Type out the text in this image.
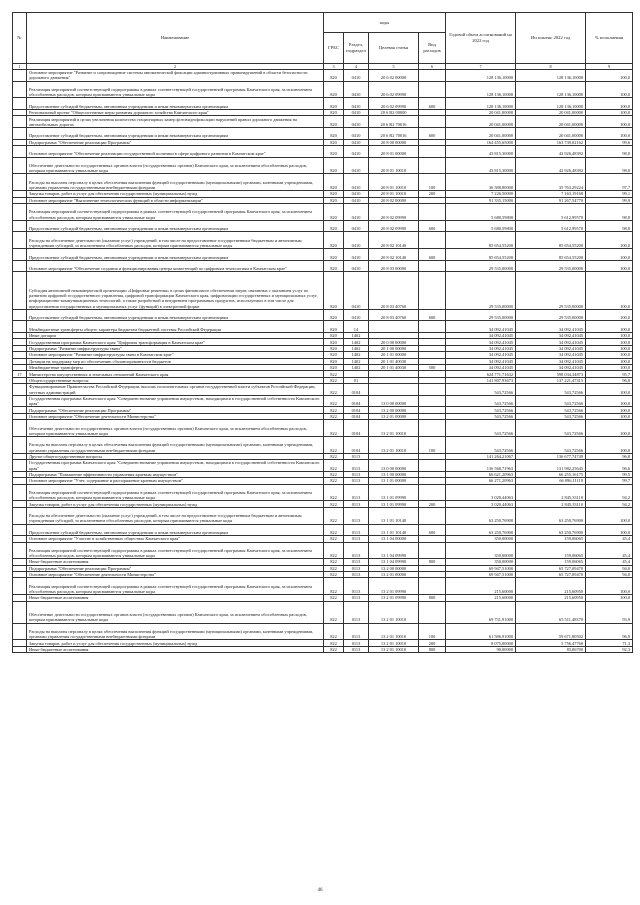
№	Наименование	коды				Годовой объем ассигнований на 2022 год	Исполнено 2022 год	% исполнения
		ГРБС	Раздел, подраздел	Целевая статья	Вид расходов			
1	2	3	4	5	6	7	8	9
	Основное мероприятие "Развитие и сопровождение системы автоматической фиксации административных правонарушений в области безопасности дорожного движения"	820	0410	20 6 02 00000		128 136,10000	128 136,10000	100,0
	Реализация мероприятий соответствующей подпрограммы в рамках соответствующей государственной программы Камчатского края, за исключением обособленных расходов, которым присваиваются уникальные коды	820	0410	20 6 02 09990		128 136,10000	128 136,10000	100,0
	Предоставление субсидий бюджетным, автономным учреждениям и иным некоммерческим организациям	820	0410	20 6 02 09990	600	128 136,10000	128 136,10000	100,0
	Региональный проект "Общесистемные меры развития дорожного хозяйства Камчатского края"	820	0410	20 6 R2 00000		20 041,00000	20 041,00000	100,0
	Реализация мероприятий в целях увеличения количества стационарных камер фотовидеофиксации нарушений правил дорожного движения на автомобильных дорогах	820	0410	20 6 R2 70016		20 041,00000	20 041,00000	100,0
	Предоставление субсидий бюджетным, автономным учреждениям и иным некоммерческим организациям	820	0410	20 6 R2 70016	600	20 041,00000	20 041,00000	100,0
	Подпрограмма "Обеспечение реализации Программы"	820	0410	20 8 00 00000		164 455,65000	163 739,02162	99,6
	Основное мероприятие "Обеспечение реализации государственной политики в сфере цифрового развития в Камчатском крае"	820	0410	20 8 01 00000		43 815,30000	42 926,48392	98,0
	Обеспечение деятельности государственных органов власти (государственных органов) Камчатского края, за исключением обособленных расходов, которым присваиваются уникальные коды	820	0410	20 8 01 10010		43 815,30000	42 926,48392	98,0
	Расходы на выплаты персоналу в целях обеспечения выполнения функций государственными (муниципальными) органами, казенными учреждениями, органами управления государственными внебюджетными фондами	820	0410	20 8 01 10010	100	36 588,80000	35 763,29224	97,7
	Закупка товаров, работ и услуг для обеспечения государственных (муниципальных) нужд	820	0410	20 8 01 10010	200	7 226,50000	7 163,19168	99,1
	Основное мероприятие "Выполнение технологических функций в области информатизации"	820	0410	20 8 02 00000		91 335,15000	91 267,54770	99,9
	Реализация мероприятий соответствующей подпрограммы в рамках соответствующей государственной программы Камчатского края, за исключением обособленных расходов, которым присваиваются уникальные коды	820	0410	20 8 02 09990		5 680,59800	5 612,99570	98,8
	Предоставление субсидий бюджетным, автономным учреждениям и иным некоммерческим организациям	820	0410	20 8 02 09990	600	5 680,59800	5 612,99570	98,8
	Расходы на обеспечение деятельности (оказание услуг) учреждений, в том числе на предоставление государственным бюджетным и автономным учреждениям субсидий, за исключением обособленных расходов, которым присваиваются уникальные коды	820	0410	20 8 02 10140		85 654,55200	85 654,55200	100,0
	Предоставление субсидий бюджетным, автономным учреждениям и иным некоммерческим организациям	820	0410	20 8 02 10140	600	85 654,55200	85 654,55200	100,0
	Основное мероприятие "Обеспечение создания и функционирования центра компетенций по цифровым технологиям в Камчатском крае"	820	0410	20 8 03 00000		29 535,00000	29 535,00000	100,0
	Субсидия автономной некоммерческой организации «Цифровые решения» в целях финансового обеспечения затрат, связанных с оказанием услуг по развитию цифровой государственного управления, цифровой трансформации Камчатского края, цифровизации государственных и муниципальных услуг, информационно-коммуникационных технологий, а также разработкой и внедрением программных продуктов, используемых в том числе для предоставления государственных и муниципальных услуг (функций) в электронной форме	820	0410	20 8 03 40760		29 535,00000	29 535,00000	100,0
	Предоставление субсидий бюджетным, автономным учреждениям и иным некоммерческим организациям	820	0410	20 8 03 40760	600	29 535,00000	29 535,00000	100,0
	Межбюджетные трансферты общего характера бюджетам бюджетной системы Российской Федерации	820	14			34 092,41045	34 092,41045	100,0
	Иные дотации	820	1402			34 092,41045	34 092,41045	100,0
	Государственная программа Камчатского края "Цифровая трансформация в Камчатском крае"	820	1402	20 0 00 00000		34 092,41045	34 092,41045	100,0
	Подпрограмма "Развитие инфраструктуры связи"	820	1402	20 1 00 00000		34 092,41045	34 092,41045	100,0
	Основное мероприятие "Развитие инфраструктуры связи в Камчатском крае"	820	1402	20 1 01 00000		34 092,41045	34 092,41045	100,0
	Дотации на поддержку мер по обеспечению сбалансированности бюджетов	820	1402	20 1 01 40030		34 092,41045	34 092,41045	100,0
	Межбюджетные трансферты	820	1402	20 1 01 40030	500	34 092,41045	34 092,41045	100,0
17	Министерство имущественных и земельных отношений Камчатского края	822				624 771,71632	598 034,34873	95,7
	Общегосударственные вопросы	822	01			141 807,93673	137 221,47315	96,8
	Функционирование Правительства Российской Федерации, высших исполнительных органов государственной власти субъектов Российской Федерации, местных администраций	822	0104			543,72566	543,72566	100,0
	Государственная программа Камчатского края "Совершенствование управления имуществом, находящимся в государственной собственности Камчатского края"	822	0104	13 0 00 00000		543,72566	543,72566	100,0
	Подпрограмма "Обеспечение реализации Программы"	822	0104	13 2 00 00000		543,72566	543,72566	100,0
	Основное мероприятие "Обеспечение деятельности Министерства"	822	0104	13 2 01 00000		543,72566	543,72566	100,0
	Обеспечение деятельности государственных органов власти (государственных органов) Камчатского края, за исключением обособленных расходов, которым присваиваются уникальные коды	822	0104	13 2 01 10010		543,72566	543,72566	100,0
	Расходы на выплаты персоналу в целях обеспечения выполнения функций государственными (муниципальными) органами, казенными учреждениями, органами управления государственными внебюджетными фондами	822	0104	13 2 01 10010	100	543,72566	543,72566	100,0
	Другие общегосударственные вопросы	822	0113			141 264,21067	136 677,74749	96,8
	Государственная программа Камчатского края "Совершенствование управления имуществом, находящимся в государственной собственности Камчатского края"	822	0113	13 0 00 00000		136 568,71963	131 982,25645	96,6
	Подпрограмма "Повышение эффективности управления краевым имуществом"	822	0113	13 1 00 00000		66 621,20963	66 255,16175	99,5
	Основное мероприятие "Учет, содержание и распоряжение краевым имуществом"	822	0113	13 1 01 00000		66 271,20963	66 096,11110	99,7
	Реализация мероприятий соответствующей подпрограммы в рамках соответствующей государственной программы Камчатского края, за исключением обособленных расходов, которым присваиваются уникальные коды	822	0113	13 1 01 09990		3 020,44063	2 845,33110	94,2
	Закупка товаров, работ и услуг для обеспечения государственных (муниципальных) нужд	822	0113	13 1 01 09990	200	3 020,44063	2 845,33110	94,2
	Расходы на обеспечение деятельности (оказание услуг) учреждений, в том числе на предоставление государственным бюджетным и автономным учреждениям субсидий, за исключением обособленных расходов, которым присваиваются уникальные коды	822	0113	13 1 01 10140		63 250,76900	63 250,76900	100,0
	Предоставление субсидий бюджетным, автономным учреждениям и иным некоммерческим организациям	822	0113	13 1 01 10140	600	63 250,76900	63 250,76900	100,0
	Основное мероприятие "Участие в хозяйственных обществах Камчатского края"	822	0113	13 1 04 00000		350,00000	159,06065	45,4
	Реализация мероприятий соответствующей подпрограммы в рамках соответствующей государственной программы Камчатского края, за исключением обособленных расходов, которым присваиваются уникальные коды	822	0113	13 1 04 09990		350,00000	159,06065	45,4
	Иные бюджетные ассигнования	822	0113	13 1 04 09990	800	350,00000	159,06065	45,4
	Подпрограмма "Обеспечение реализации Программы"	822	0113	13 2 00 00000		69 947,51000	65 727,09470	94,0
	Основное мероприятие "Обеспечение деятельности Министерства"	822	0113	13 2 01 00000		69 947,51000	65 727,09470	94,0
	Реализация мероприятий соответствующей подпрограммы в рамках соответствующей государственной программы Камчатского края, за исключением обособленных расходов, которым присваиваются уникальные коды	822	0113	13 2 01 09990		215,60000	215,60950	100,0
	Иные бюджетные ассигнования	822	0113	13 2 01 09990	800	215,60000	215,60950	100,0
	Обеспечение деятельности государственных органов власти (государственных органов) Камчатского края, за исключением обособленных расходов, которым присваиваются уникальные коды	822	0113	13 2 01 10010		69 731,91000	65 511,48370	93,9
	Расходы на выплаты персоналу в целях обеспечения выполнения функций государственными (муниципальными) органами, казенными учреждениями, органами управления государственными внебюджетными фондами	822	0113	13 2 01 10010	100	61 586,91000	59 671,80502	96,9
	Закупка товаров, работ и услуг для обеспечения государственных (муниципальных) нужд	822	0113	13 2 01 10010	200	8 075,00000	5 756,47768	71,3
	Иные бюджетные ассигнования	822	0113	13 2 01 10010	800	90,00000	83,06700	92,3
46
